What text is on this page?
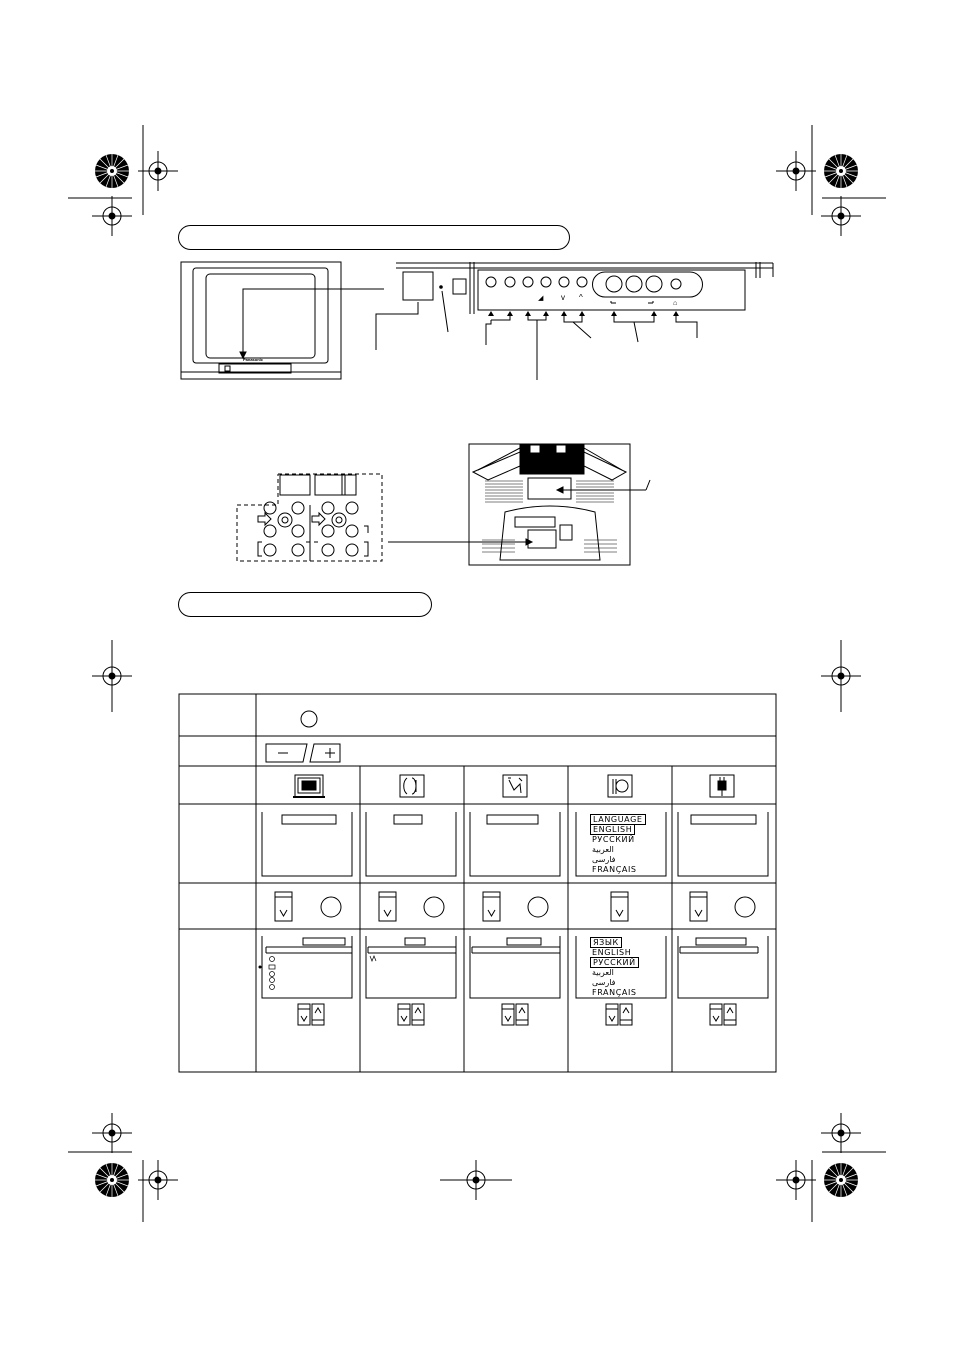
◢ v ^
⌂
Panasonic
LANGUAGE
ENGLISH
РУССКИЙ
العربية
فارسی
FRANÇAIS
ЯЗЫК
ENGLISH
РУССКИЙ
العربية
فارسی
FRANÇAIS
